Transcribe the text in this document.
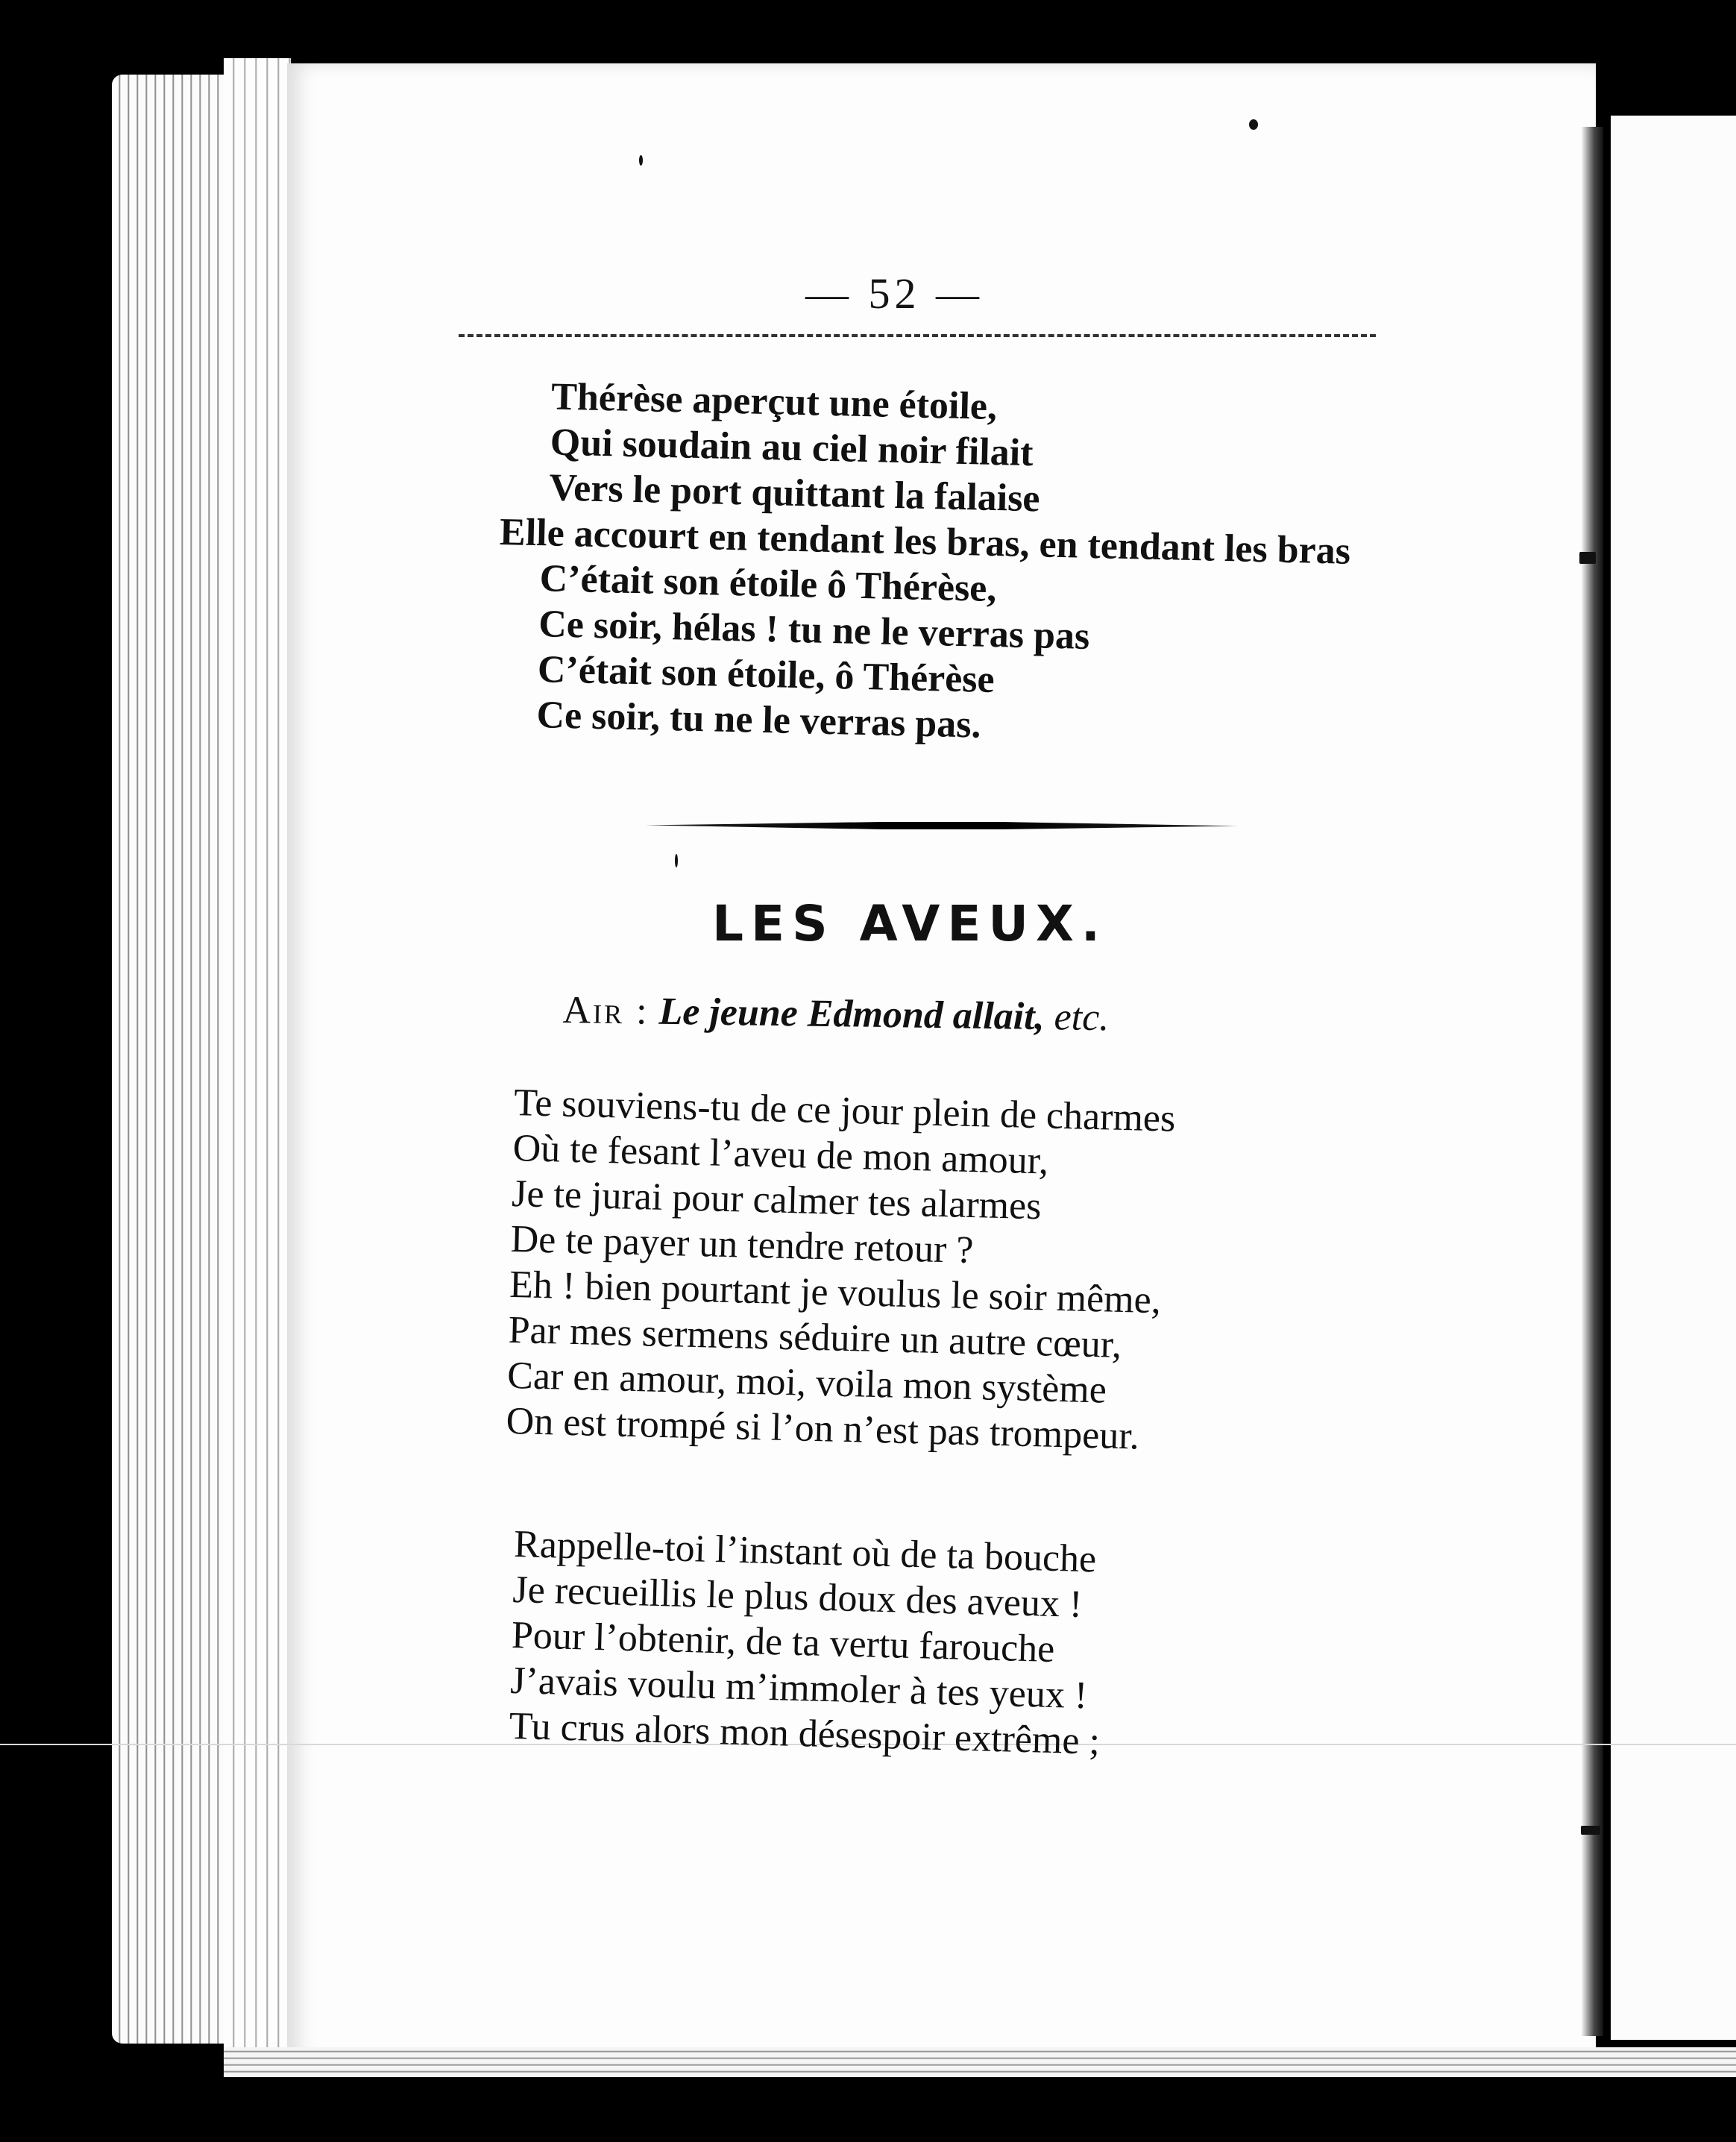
— 52 —
Thérèse aperçut une étoile,
Qui soudain au ciel noir filait
Vers le port quittant la falaise
Elle accourt en tendant les bras, en tendant les bras
C’était son étoile ô Thérèse,
Ce soir, hélas ! tu ne le verras pas
C’était son étoile, ô Thérèse
Ce soir, tu ne le verras pas.
LES AVEUX.
Air : Le jeune Edmond allait, etc.
Te souviens-tu de ce jour plein de charmes
Où te fesant l’aveu de mon amour,
Je te jurai pour calmer tes alarmes
De te payer un tendre retour ?
Eh ! bien pourtant je voulus le soir même,
Par mes sermens séduire un autre cœur,
Car en amour, moi, voila mon système
On est trompé si l’on n’est pas trompeur.
Rappelle-toi l’instant où de ta bouche
Je recueillis le plus doux des aveux !
Pour l’obtenir, de ta vertu farouche
J’avais voulu m’immoler à tes yeux !
Tu crus alors mon désespoir extrême ;
